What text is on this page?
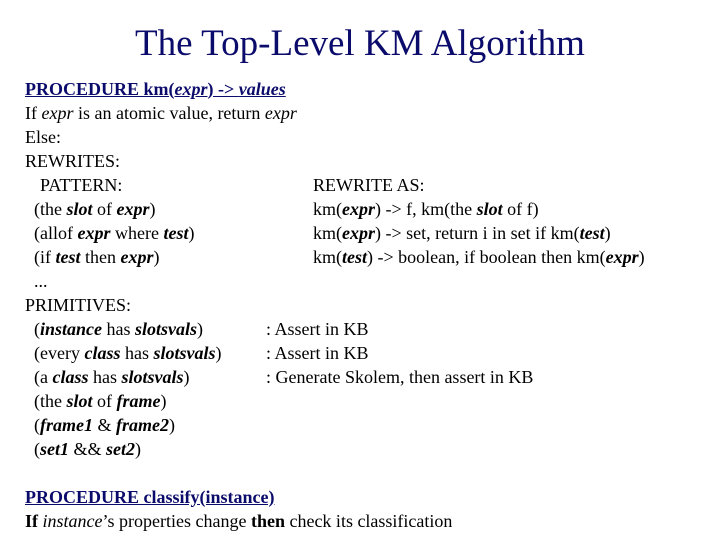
The Top-Level KM Algorithm
PROCEDURE km(expr) -> values
If expr is an atomic value, return expr
Else:
REWRITES:
PATTERN:	REWRITE AS:
(the slot of expr)	km(expr) -> f, km(the slot of f)
(allof expr where test)	km(expr) -> set, return i in set if km(test)
(if test then expr)	km(test) -> boolean, if boolean then km(expr)
...
PRIMITIVES:
(instance has slotsvals)	: Assert in KB
(every class has slotsvals) : Assert in KB
(a class has slotsvals)	: Generate Skolem, then assert in KB
(the slot of frame)
(frame1 & frame2)
(set1 && set2)
PROCEDURE classify(instance)
If instance’s properties change then check its classification
